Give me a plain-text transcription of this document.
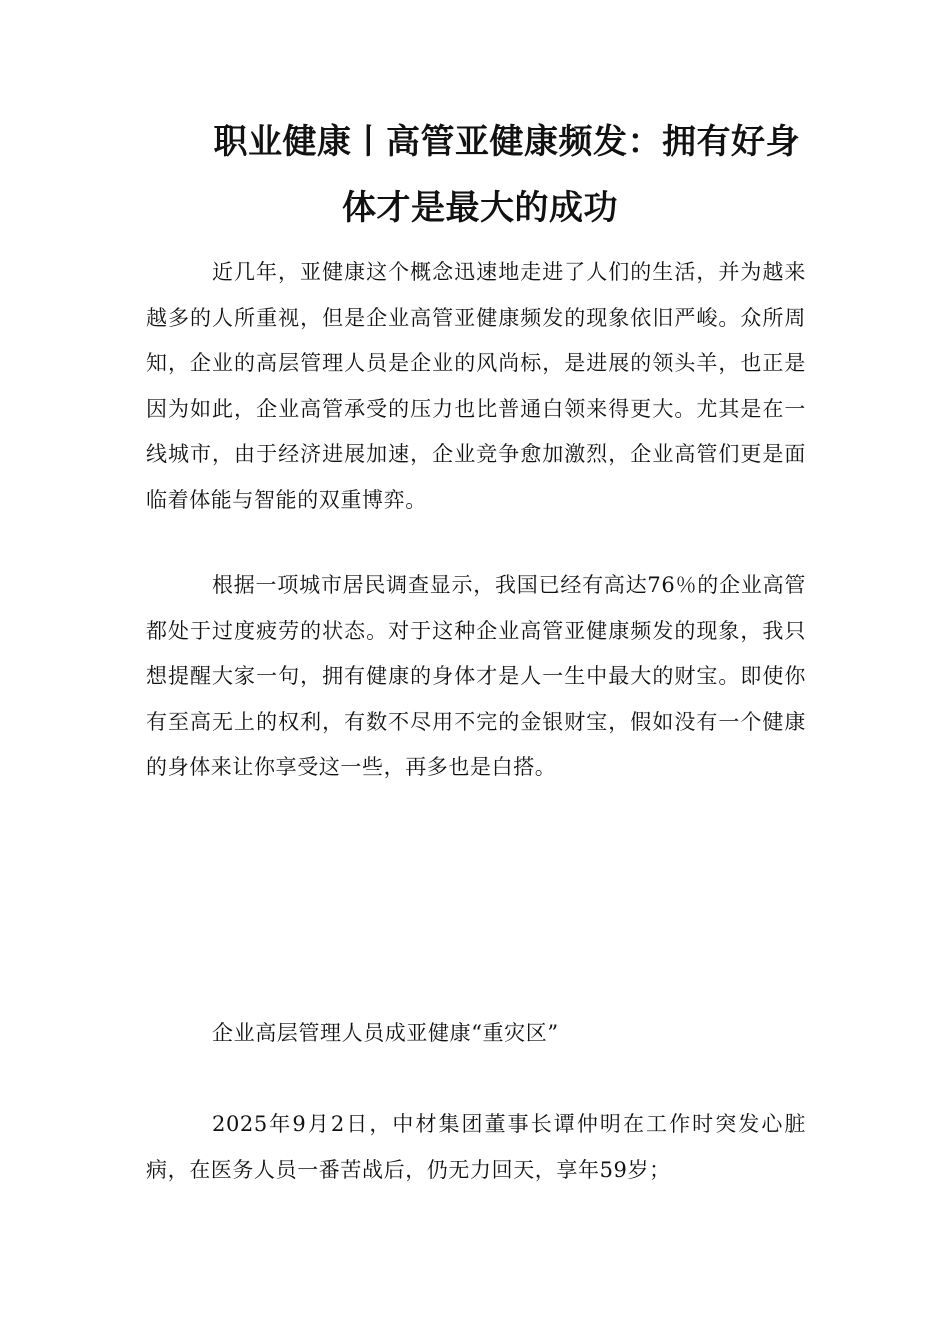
职业健康丨高管亚健康频发：拥有好身
体才是最大的成功

近几年，亚健康这个概念迅速地走进了人们的生活，并为越来越多的人所重视，但是企业高管亚健康频发的现象依旧严峻。众所周知，企业的高层管理人员是企业的风尚标，是进展的领头羊，也正是因为如此，企业高管承受的压力也比普通白领来得更大。尤其是在一线城市，由于经济进展加速，企业竞争愈加激烈，企业高管们更是面临着体能与智能的双重博弈。

根据一项城市居民调查显示，我国已经有高达76％的企业高管都处于过度疲劳的状态。对于这种企业高管亚健康频发的现象，我只想提醒大家一句，拥有健康的身体才是人一生中最大的财宝。即使你有至高无上的权利，有数不尽用不完的金银财宝，假如没有一个健康的身体来让你享受这一些，再多也是白搭。

企业高层管理人员成亚健康“重灾区”

2025年9月2日，中材集团董事长谭仲明在工作时突发心脏病，在医务人员一番苦战后，仍无力回天，享年59岁；
